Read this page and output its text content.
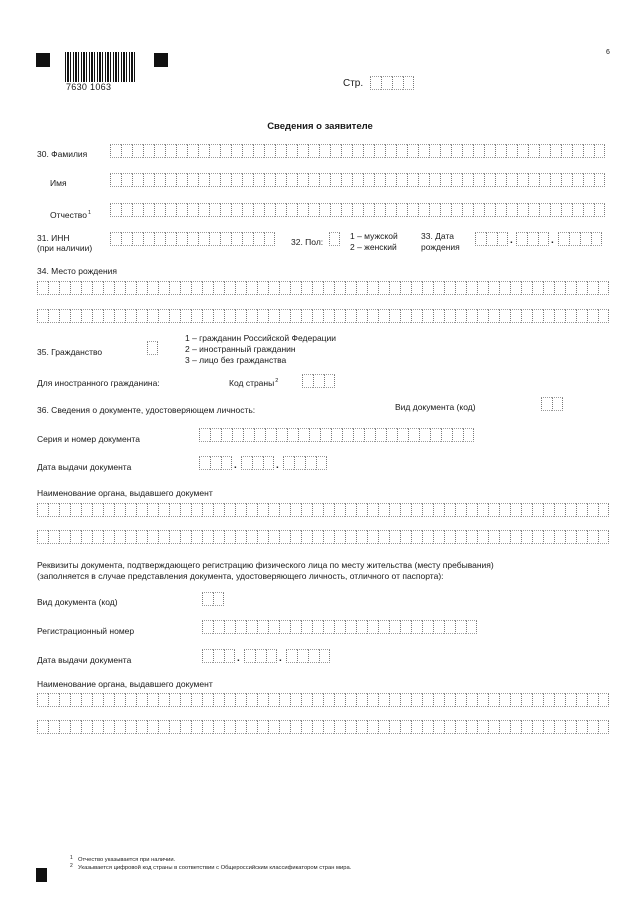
7630 1063
6
Стр.
Сведения о заявителе
30. Фамилия
Имя
Отчество$^1$
31. ИНН
(при наличии)
32. Пол:
1 – мужской
2 – женский
33. Дата
рождения
.	.
34. Место рождения
35. Гражданство
1 – гражданин Российской Федерации
2 – иностранный гражданин
3 – лицо без гражданства
Для иностранного гражданина:	Код страны$^2$
36. Сведения о документе, удостоверяющем личность:	Вид документа (код)
Серия и номер документа
Дата выдачи документа	.	.
Наименование органа, выдавшего документ
Реквизиты документа, подтверждающего регистрацию физического лица по месту жительства (месту пребывания)
(заполняется в случае представления документа, удостоверяющего личность, отличного от паспорта):
Вид документа (код)
Регистрационный номер
Дата выдачи документа	.	.
Наименование органа, выдавшего документ
1 Отчество указывается при наличии.
2 Указывается цифровой код страны в соответствии с Общероссийским классификатором стран мира.
